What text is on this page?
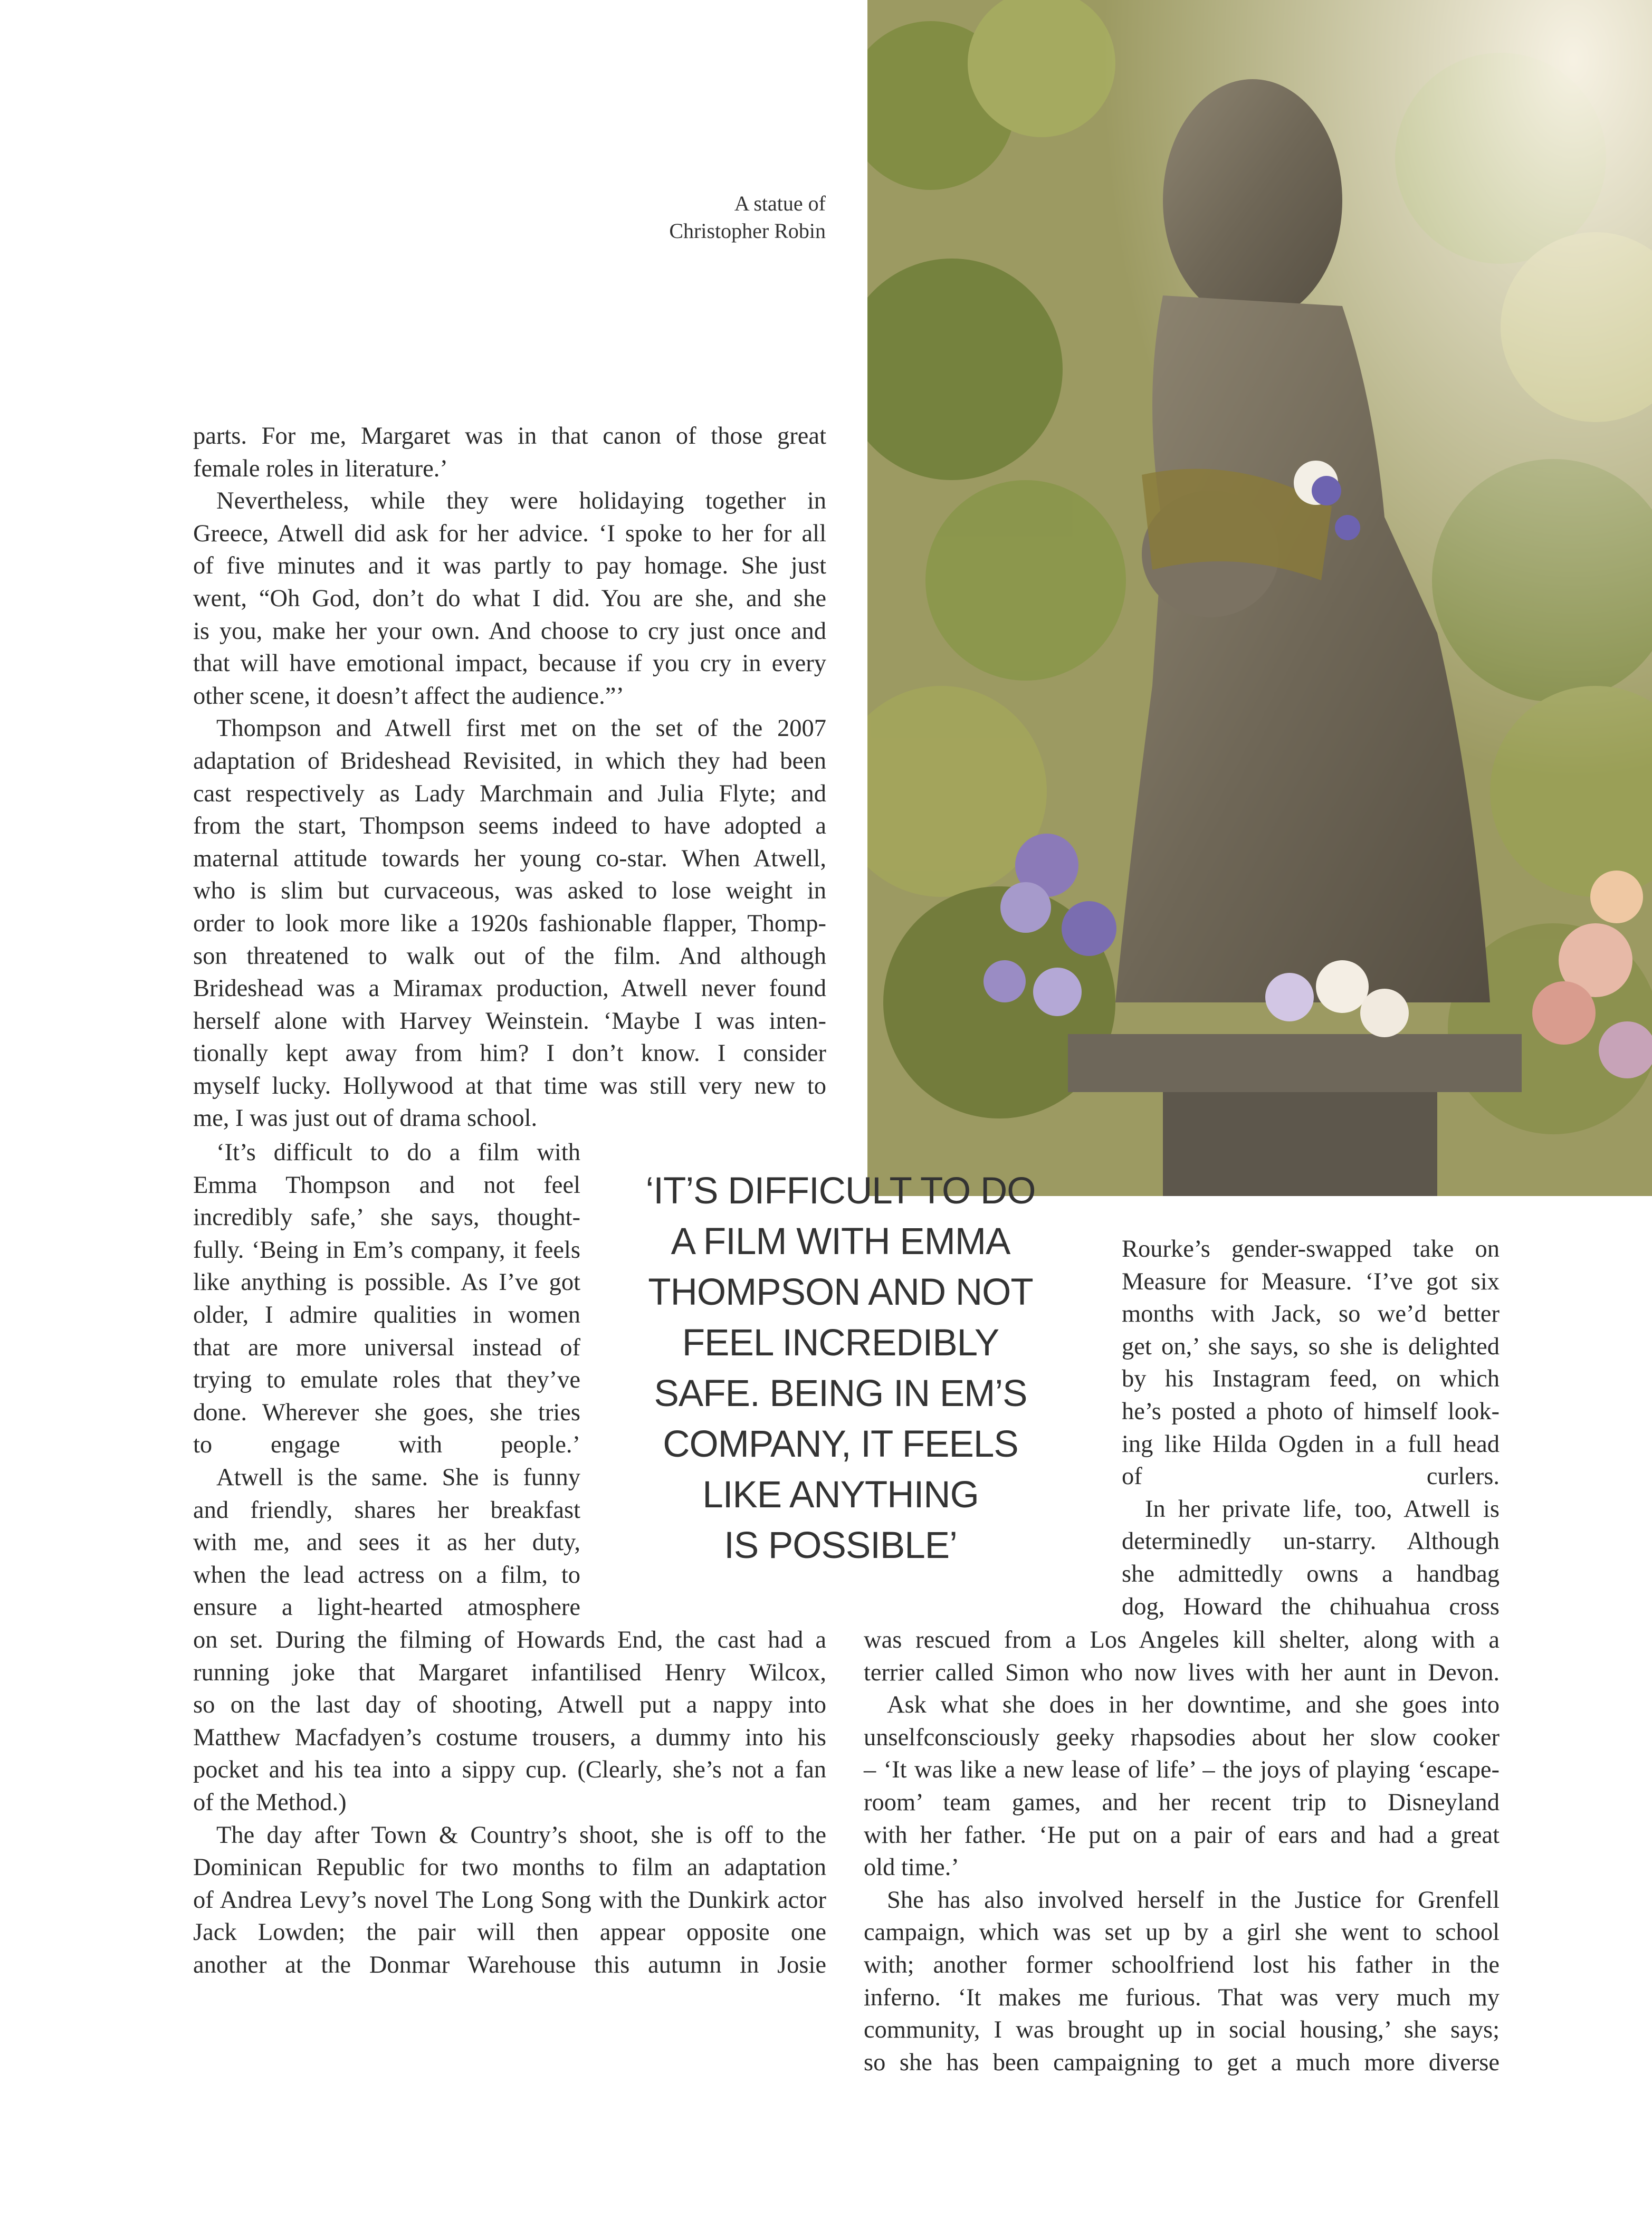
A statue of
Christopher Robin
parts. For me, Margaret was in that canon of those great
female roles in literature.’
Nevertheless, while they were holidaying together in
Greece, Atwell did ask for her advice. ‘I spoke to her for all
of five minutes and it was partly to pay homage. She just
went, “Oh God, don’t do what I did. You are she, and she
is you, make her your own. And choose to cry just once and
that will have emotional impact, because if you cry in every
other scene, it doesn’t affect the audience.”’
Thompson and Atwell first met on the set of the 2007
adaptation of Brideshead Revisited, in which they had been
cast respectively as Lady Marchmain and Julia Flyte; and
from the start, Thompson seems indeed to have adopted a
maternal attitude towards her young co-star. When Atwell,
who is slim but curvaceous, was asked to lose weight in
order to look more like a 1920s fashionable flapper, Thomp-
son threatened to walk out of the film. And although
Brideshead was a Miramax production, Atwell never found
herself alone with Harvey Weinstein. ‘Maybe I was inten-
tionally kept away from him? I don’t know. I consider
myself lucky. Hollywood at that time was still very new to
me, I was just out of drama school.
‘It’s difficult to do a film with
Emma Thompson and not feel
incredibly safe,’ she says, thought-
fully. ‘Being in Em’s company, it feels
like anything is possible. As I’ve got
older, I admire qualities in women
that are more universal instead of
trying to emulate roles that they’ve
done. Wherever she goes, she tries
to engage with people.’
Atwell is the same. She is funny
and friendly, shares her breakfast
with me, and sees it as her duty,
when the lead actress on a film, to
ensure a light-hearted atmosphere
on set. During the filming of Howards End, the cast had a
running joke that Margaret infantilised Henry Wilcox,
so on the last day of shooting, Atwell put a nappy into
Matthew Macfadyen’s costume trousers, a dummy into his
pocket and his tea into a sippy cup. (Clearly, she’s not a fan
of the Method.)
The day after Town & Country’s shoot, she is off to the
Dominican Republic for two months to film an adaptation
of Andrea Levy’s novel The Long Song with the Dunkirk actor
Jack Lowden; the pair will then appear opposite one
another at the Donmar Warehouse this autumn in Josie
‘IT’S DIFFICULT TO DO
A FILM WITH EMMA
THOMPSON AND NOT
FEEL INCREDIBLY
SAFE. BEING IN EM’S
COMPANY, IT FEELS
LIKE ANYTHING
IS POSSIBLE’
Rourke’s gender-swapped take on
Measure for Measure. ‘I’ve got six
months with Jack, so we’d better
get on,’ she says, so she is delighted
by his Instagram feed, on which
he’s posted a photo of himself look-
ing like Hilda Ogden in a full head
of curlers.
In her private life, too, Atwell is
determinedly un-starry. Although
she admittedly owns a handbag
dog, Howard the chihuahua cross
was rescued from a Los Angeles kill shelter, along with a
terrier called Simon who now lives with her aunt in Devon.
Ask what she does in her downtime, and she goes into
unselfconsciously geeky rhapsodies about her slow cooker
– ‘It was like a new lease of life’ – the joys of playing ‘escape-
room’ team games, and her recent trip to Disneyland
with her father. ‘He put on a pair of ears and had a great
old time.’
She has also involved herself in the Justice for Grenfell
campaign, which was set up by a girl she went to school
with; another former schoolfriend lost his father in the
inferno. ‘It makes me furious. That was very much my
community, I was brought up in social housing,’ she says;
so she has been campaigning to get a much more diverse
